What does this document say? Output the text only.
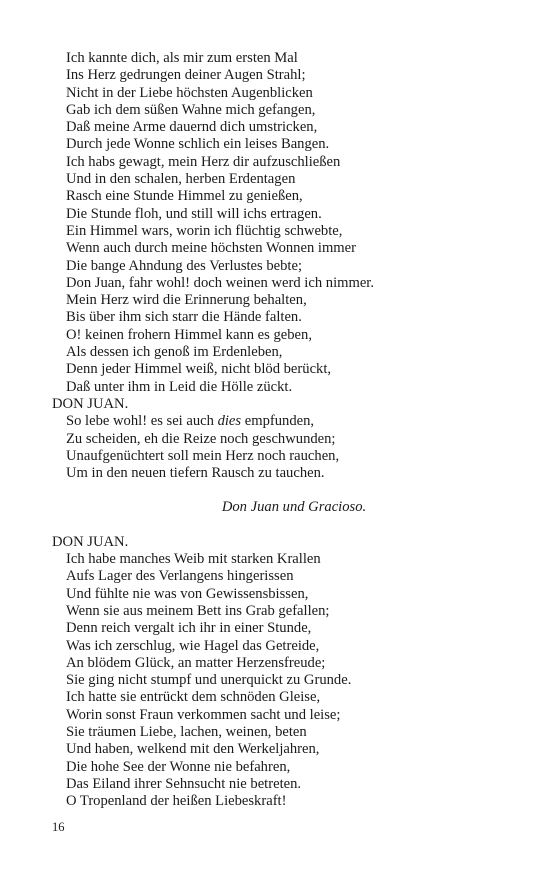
Ich kannte dich, als mir zum ersten Mal
Ins Herz gedrungen deiner Augen Strahl;
Nicht in der Liebe höchsten Augenblicken
Gab ich dem süßen Wahne mich gefangen,
Daß meine Arme dauernd dich umstricken,
Durch jede Wonne schlich ein leises Bangen.
Ich habs gewagt, mein Herz dir aufzuschließen
Und in den schalen, herben Erdentagen
Rasch eine Stunde Himmel zu genießen,
Die Stunde floh, und still will ichs ertragen.
Ein Himmel wars, worin ich flüchtig schwebte,
Wenn auch durch meine höchsten Wonnen immer
Die bange Ahndung des Verlustes bebte;
Don Juan, fahr wohl! doch weinen werd ich nimmer.
Mein Herz wird die Erinnerung behalten,
Bis über ihm sich starr die Hände falten.
O! keinen frohern Himmel kann es geben,
Als dessen ich genoß im Erdenleben,
Denn jeder Himmel weiß, nicht blöd berückt,
Daß unter ihm in Leid die Hölle zückt.
DON JUAN.
So lebe wohl! es sei auch dies empfunden,
Zu scheiden, eh die Reize noch geschwunden;
Unaufgenüchtert soll mein Herz noch rauchen,
Um in den neuen tiefern Rausch zu tauchen.
Don Juan und Gracioso.
DON JUAN.
Ich habe manches Weib mit starken Krallen
Aufs Lager des Verlangens hingerissen
Und fühlte nie was von Gewissensbissen,
Wenn sie aus meinem Bett ins Grab gefallen;
Denn reich vergalt ich ihr in einer Stunde,
Was ich zerschlug, wie Hagel das Getreide,
An blödem Glück, an matter Herzensfreude;
Sie ging nicht stumpf und unerquickt zu Grunde.
Ich hatte sie entrückt dem schnöden Gleise,
Worin sonst Fraun verkommen sacht und leise;
Sie träumen Liebe, lachen, weinen, beten
Und haben, welkend mit den Werkeljahren,
Die hohe See der Wonne nie befahren,
Das Eiland ihrer Sehnsucht nie betreten.
O Tropenland der heißen Liebeskraft!
16
